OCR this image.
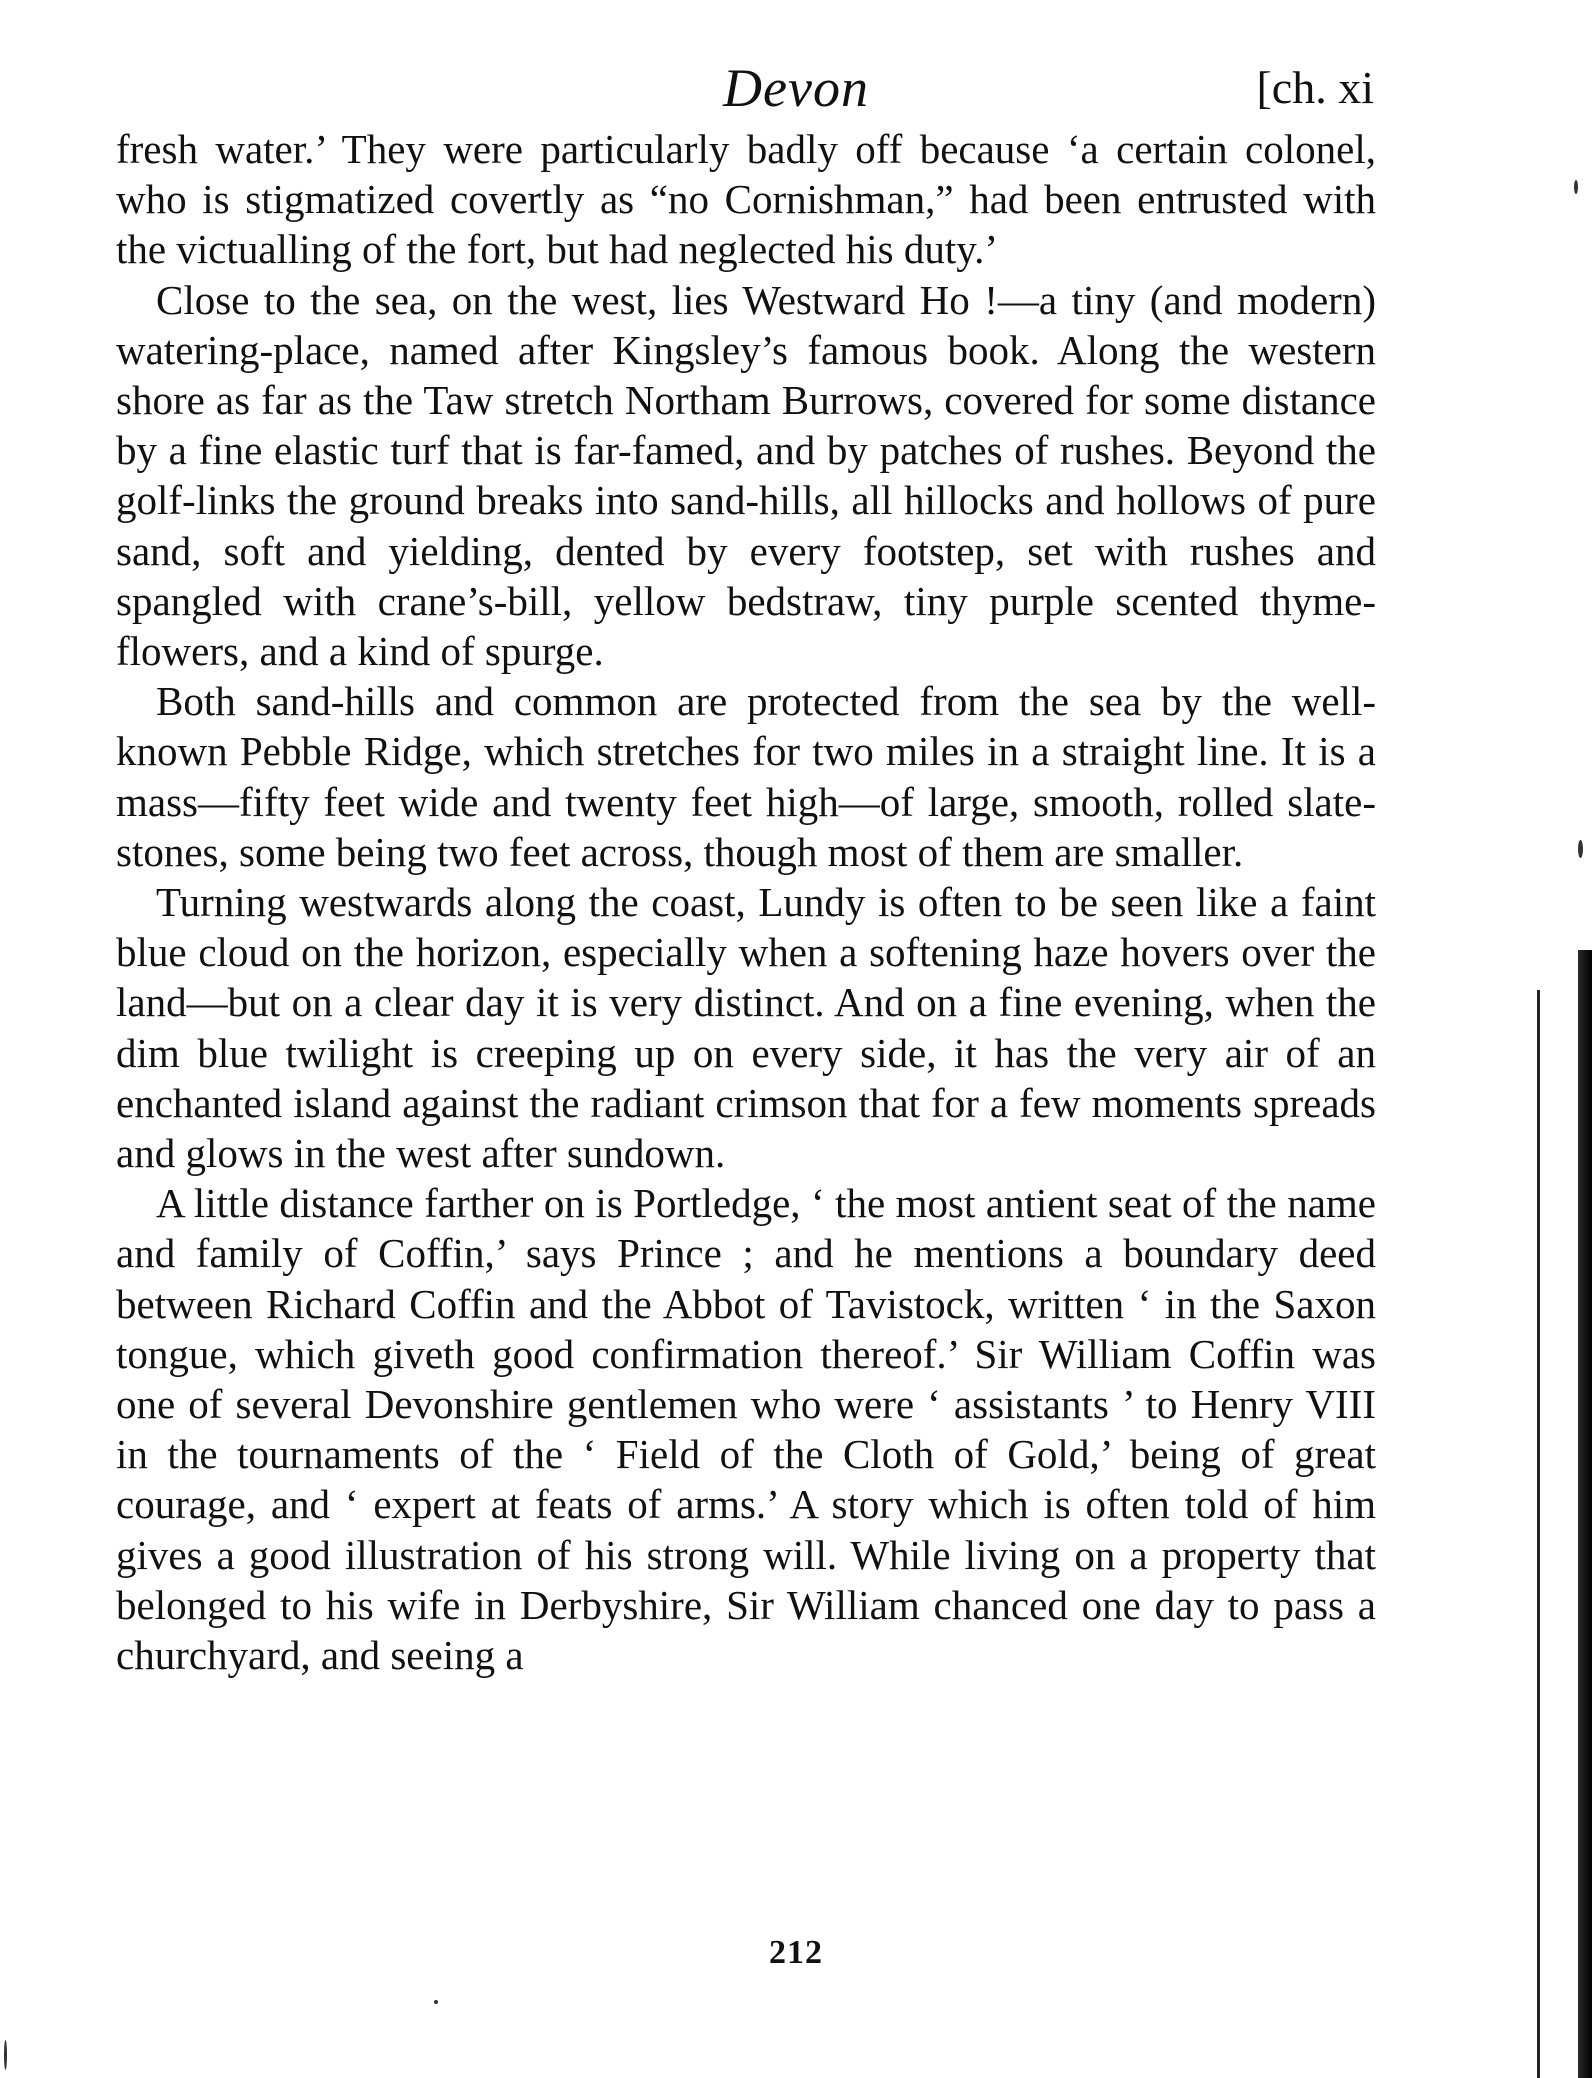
Devon	[ch. xi

fresh water.’ They were particularly badly off because ‘a certain colonel, who is stigmatized covertly as “no Cornishman,” had been entrusted with the victualling of the fort, but had neglected his duty.’

Close to the sea, on the west, lies Westward Ho !—a tiny (and modern) watering-place, named after Kingsley’s famous book. Along the western shore as far as the Taw stretch Northam Burrows, covered for some distance by a fine elastic turf that is far-famed, and by patches of rushes. Beyond the golf-links the ground breaks into sand-hills, all hillocks and hollows of pure sand, soft and yielding, dented by every footstep, set with rushes and spangled with crane’s-bill, yellow bedstraw, tiny purple scented thyme-flowers, and a kind of spurge.

Both sand-hills and common are protected from the sea by the well-known Pebble Ridge, which stretches for two miles in a straight line. It is a mass—fifty feet wide and twenty feet high—of large, smooth, rolled slate-stones, some being two feet across, though most of them are smaller.

Turning westwards along the coast, Lundy is often to be seen like a faint blue cloud on the horizon, especially when a softening haze hovers over the land—but on a clear day it is very distinct. And on a fine evening, when the dim blue twilight is creeping up on every side, it has the very air of an enchanted island against the radiant crimson that for a few moments spreads and glows in the west after sundown.

A little distance farther on is Portledge, ‘ the most antient seat of the name and family of Coffin,’ says Prince ; and he mentions a boundary deed between Richard Coffin and the Abbot of Tavistock, written ‘ in the Saxon tongue, which giveth good confirmation thereof.’ Sir William Coffin was one of several Devonshire gentlemen who were ‘ assistants ’ to Henry VIII in the tournaments of the ‘ Field of the Cloth of Gold,’ being of great courage, and ‘ expert at feats of arms.’ A story which is often told of him gives a good illustration of his strong will. While living on a property that belonged to his wife in Derbyshire, Sir William chanced one day to pass a churchyard, and seeing a

212
